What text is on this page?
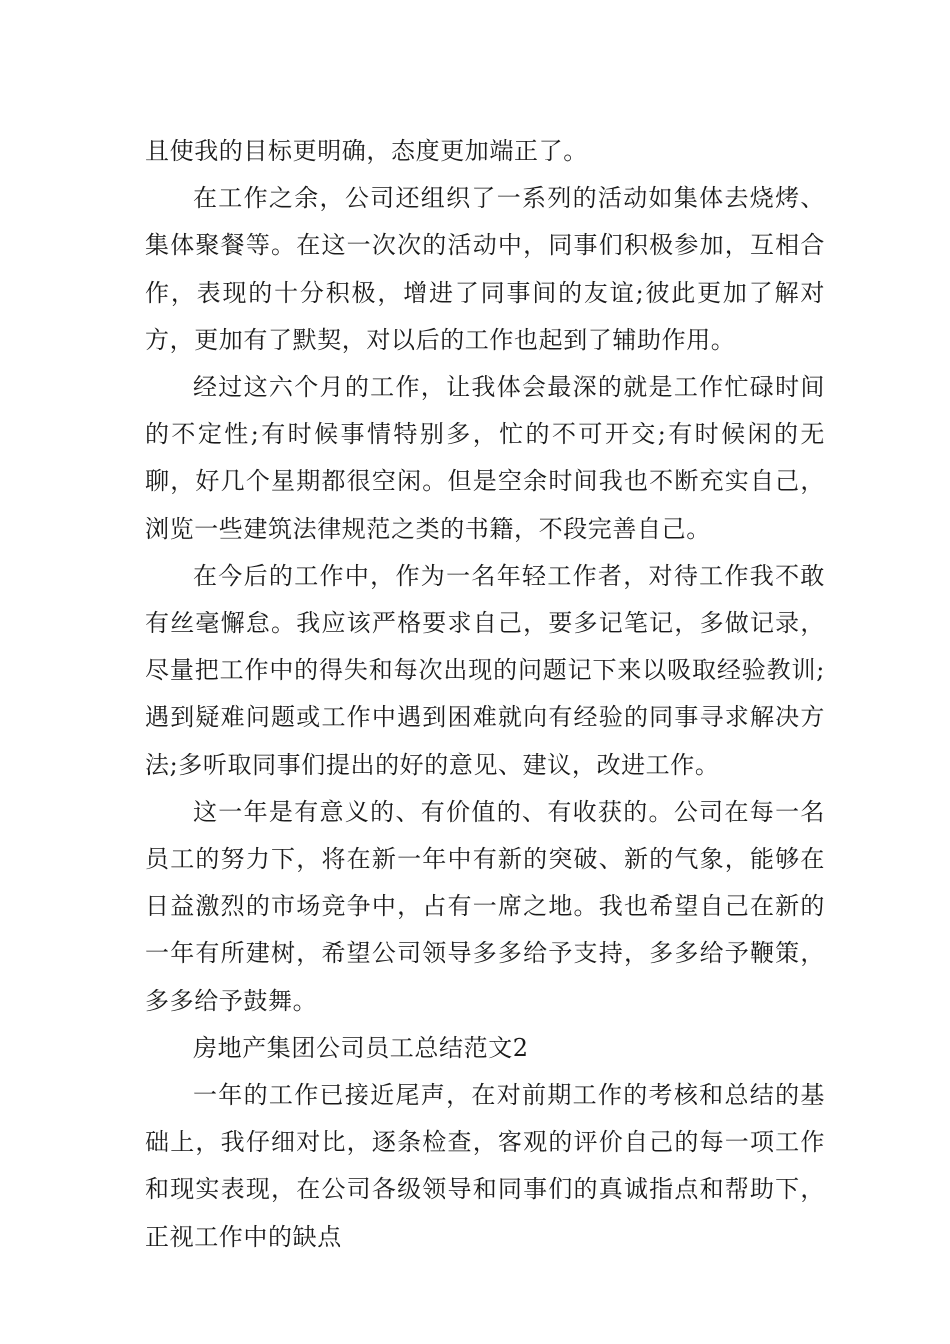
且使我的目标更明确，态度更加端正了。

在工作之余，公司还组织了一系列的活动如集体去烧烤、集体聚餐等。在这一次次的活动中，同事们积极参加，互相合作，表现的十分积极，增进了同事间的友谊;彼此更加了解对方，更加有了默契，对以后的工作也起到了辅助作用。

经过这六个月的工作，让我体会最深的就是工作忙碌时间的不定性;有时候事情特别多，忙的不可开交;有时候闲的无聊，好几个星期都很空闲。但是空余时间我也不断充实自己，浏览一些建筑法律规范之类的书籍，不段完善自己。

在今后的工作中，作为一名年轻工作者，对待工作我不敢有丝毫懈怠。我应该严格要求自己，要多记笔记，多做记录，尽量把工作中的得失和每次出现的问题记下来以吸取经验教训;遇到疑难问题或工作中遇到困难就向有经验的同事寻求解决方法;多听取同事们提出的好的意见、建议，改进工作。

这一年是有意义的、有价值的、有收获的。公司在每一名员工的努力下，将在新一年中有新的突破、新的气象，能够在日益激烈的市场竞争中，占有一席之地。我也希望自己在新的一年有所建树，希望公司领导多多给予支持，多多给予鞭策，多多给予鼓舞。

房地产集团公司员工总结范文2

一年的工作已接近尾声，在对前期工作的考核和总结的基础上，我仔细对比，逐条检查，客观的评价自己的每一项工作和现实表现，在公司各级领导和同事们的真诚指点和帮助下，正视工作中的缺点
